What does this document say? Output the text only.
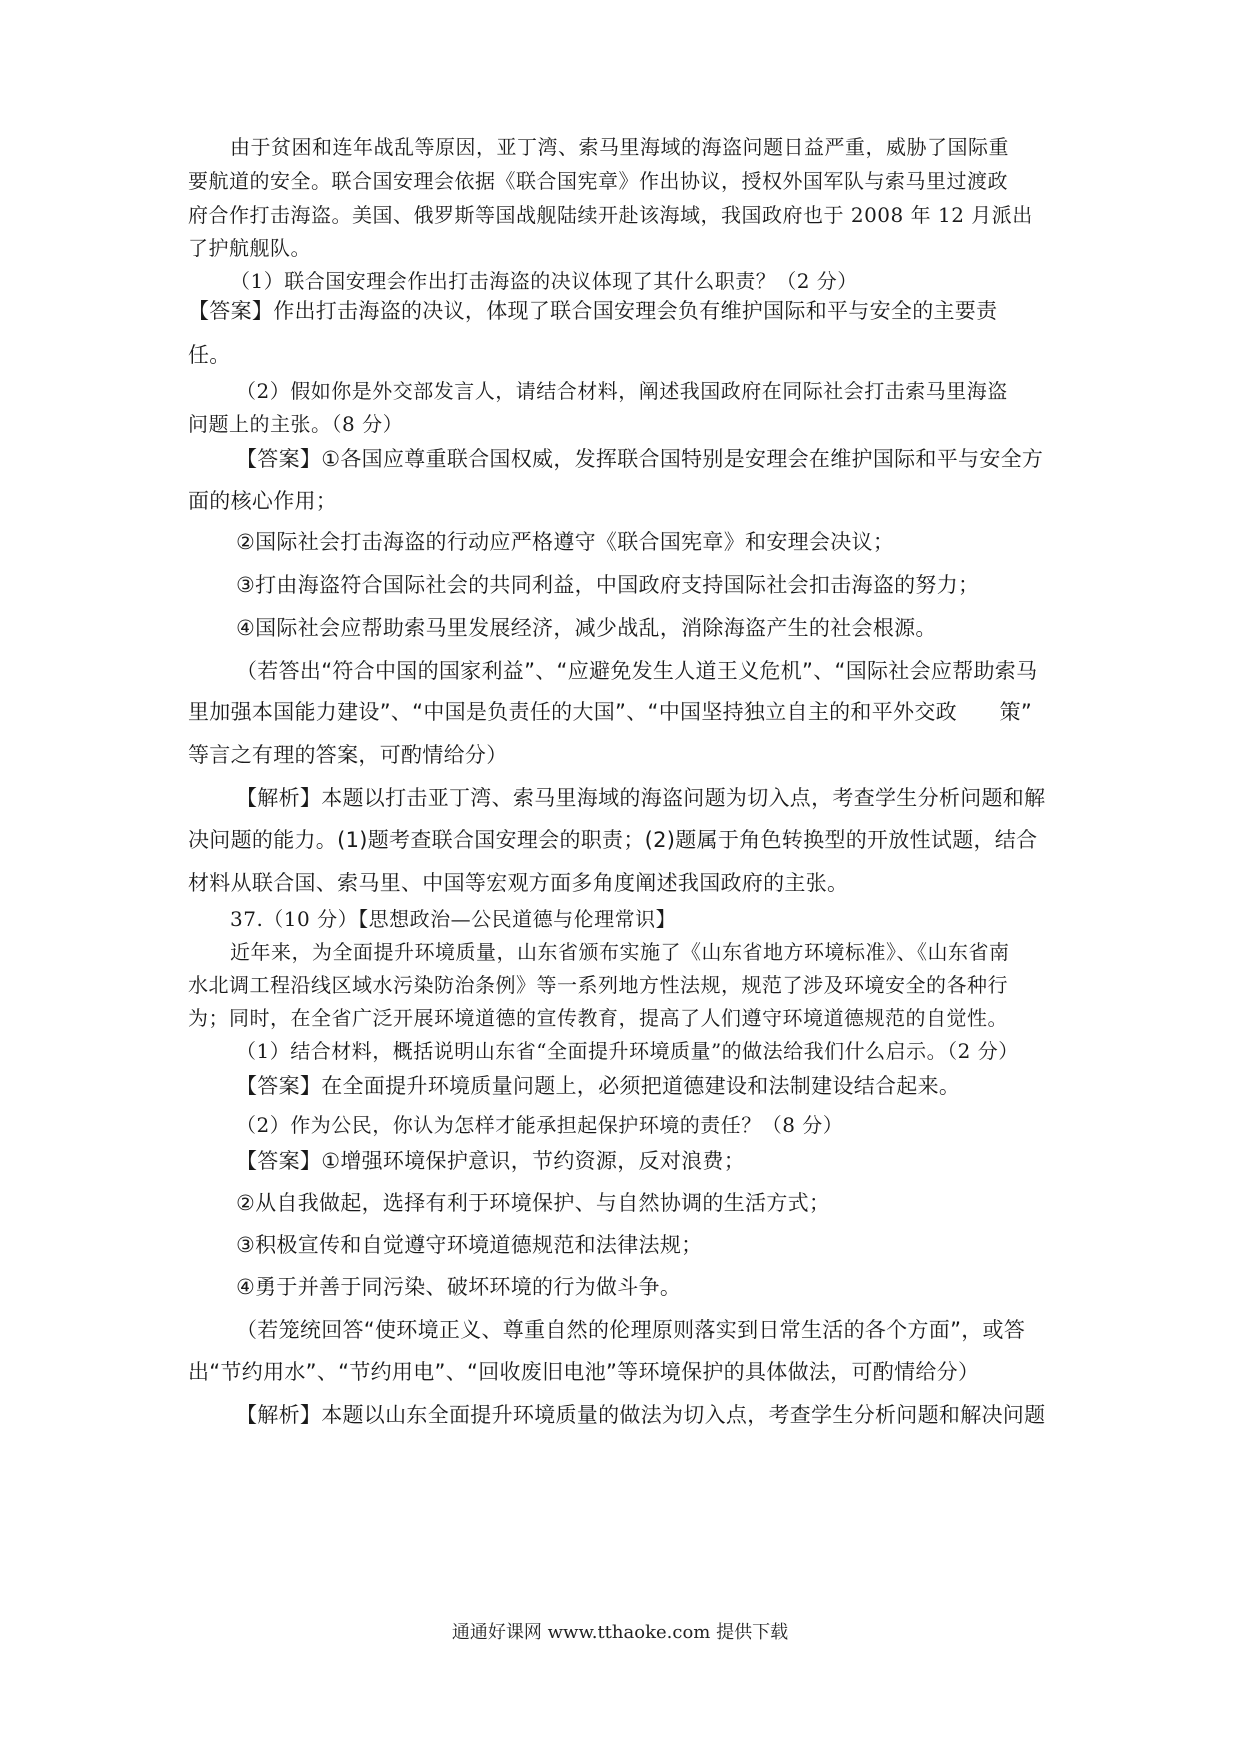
由于贫困和连年战乱等原因，亚丁湾、索马里海域的海盗问题日益严重，威胁了国际重
要航道的安全。联合国安理会依据《联合国宪章》作出协议，授权外国军队与索马里过渡政
府合作打击海盗。美国、俄罗斯等国战舰陆续开赴该海域，我国政府也于 2008 年 12 月派出
了护航舰队。
（1）联合国安理会作出打击海盗的决议体现了其什么职责？（2 分）
【答案】作出打击海盗的决议，体现了联合国安理会负有维护国际和平与安全的主要责
任。
（2）假如你是外交部发言人，请结合材料，阐述我国政府在同际社会打击索马里海盗
问题上的主张。（8 分）
【答案】①各国应尊重联合国权威，发挥联合国特别是安理会在维护国际和平与安全方
面的核心作用；
②国际社会打击海盗的行动应严格遵守《联合国宪章》和安理会决议；
③打由海盗符合国际社会的共同利益，中国政府支持国际社会扣击海盗的努力；
④国际社会应帮助索马里发展经济，减少战乱，消除海盗产生的社会根源。
（若答出“符合中国的国家利益”、“应避免发生人道王义危机”、“国际社会应帮助索马
里加强本国能力建设”、“中国是负责任的大国”、“中国坚持独立自主的和平外交政　　策”
等言之有理的答案，可酌情给分）
【解析】本题以打击亚丁湾、索马里海域的海盗问题为切入点，考查学生分析问题和解
决问题的能力。(1)题考查联合国安理会的职责；(2)题属于角色转换型的开放性试题，结合
材料从联合国、索马里、中国等宏观方面多角度阐述我国政府的主张。
37.（10 分）【思想政治—公民道德与伦理常识】
近年来，为全面提升环境质量，山东省颁布实施了《山东省地方环境标准》、《山东省南
水北调工程沿线区域水污染防治条例》等一系列地方性法规，规范了涉及环境安全的各种行
为；同时，在全省广泛开展环境道德的宣传教育，提高了人们遵守环境道德规范的自觉性。
（1）结合材料，概括说明山东省“全面提升环境质量”的做法给我们什么启示。（2 分）
【答案】在全面提升环境质量问题上，必须把道德建设和法制建设结合起来。
（2）作为公民，你认为怎样才能承担起保护环境的责任？（8 分）
【答案】①增强环境保护意识，节约资源，反对浪费；
②从自我做起，选择有利于环境保护、与自然协调的生活方式；
③积极宣传和自觉遵守环境道德规范和法律法规；
④勇于并善于同污染、破坏环境的行为做斗争。
（若笼统回答“使环境正义、尊重自然的伦理原则落实到日常生活的各个方面”，或答
出“节约用水”、“节约用电”、“回收废旧电池”等环境保护的具体做法，可酌情给分）
【解析】本题以山东全面提升环境质量的做法为切入点，考查学生分析问题和解决问题
通通好课网 www.tthaoke.com 提供下载
